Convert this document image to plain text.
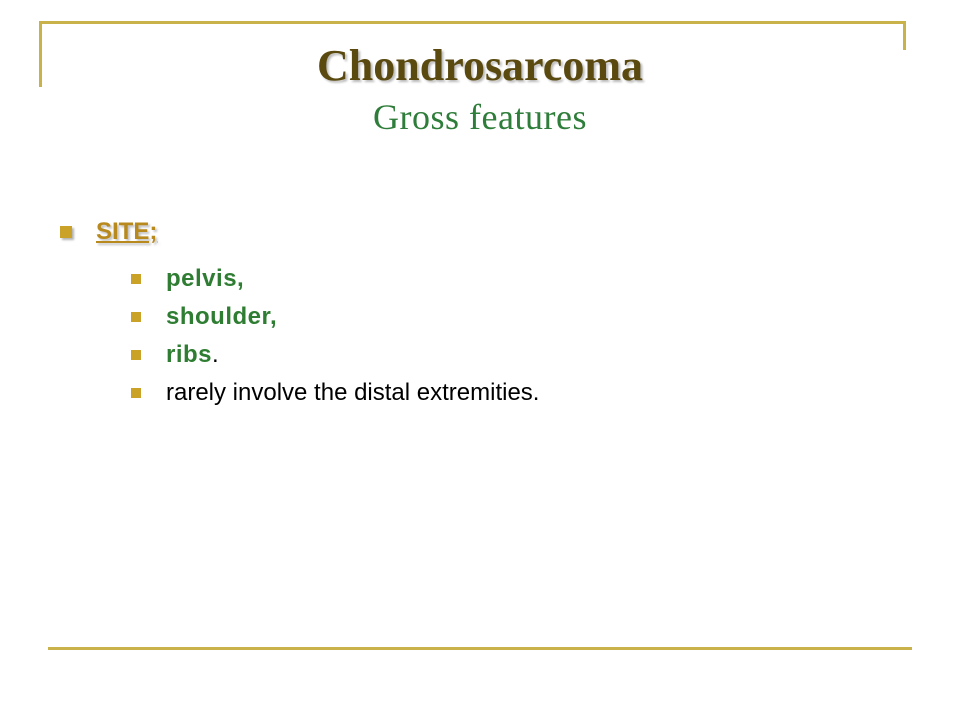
Chondrosarcoma
Gross features
SITE;
pelvis,
shoulder,
ribs.
rarely involve the distal extremities.
